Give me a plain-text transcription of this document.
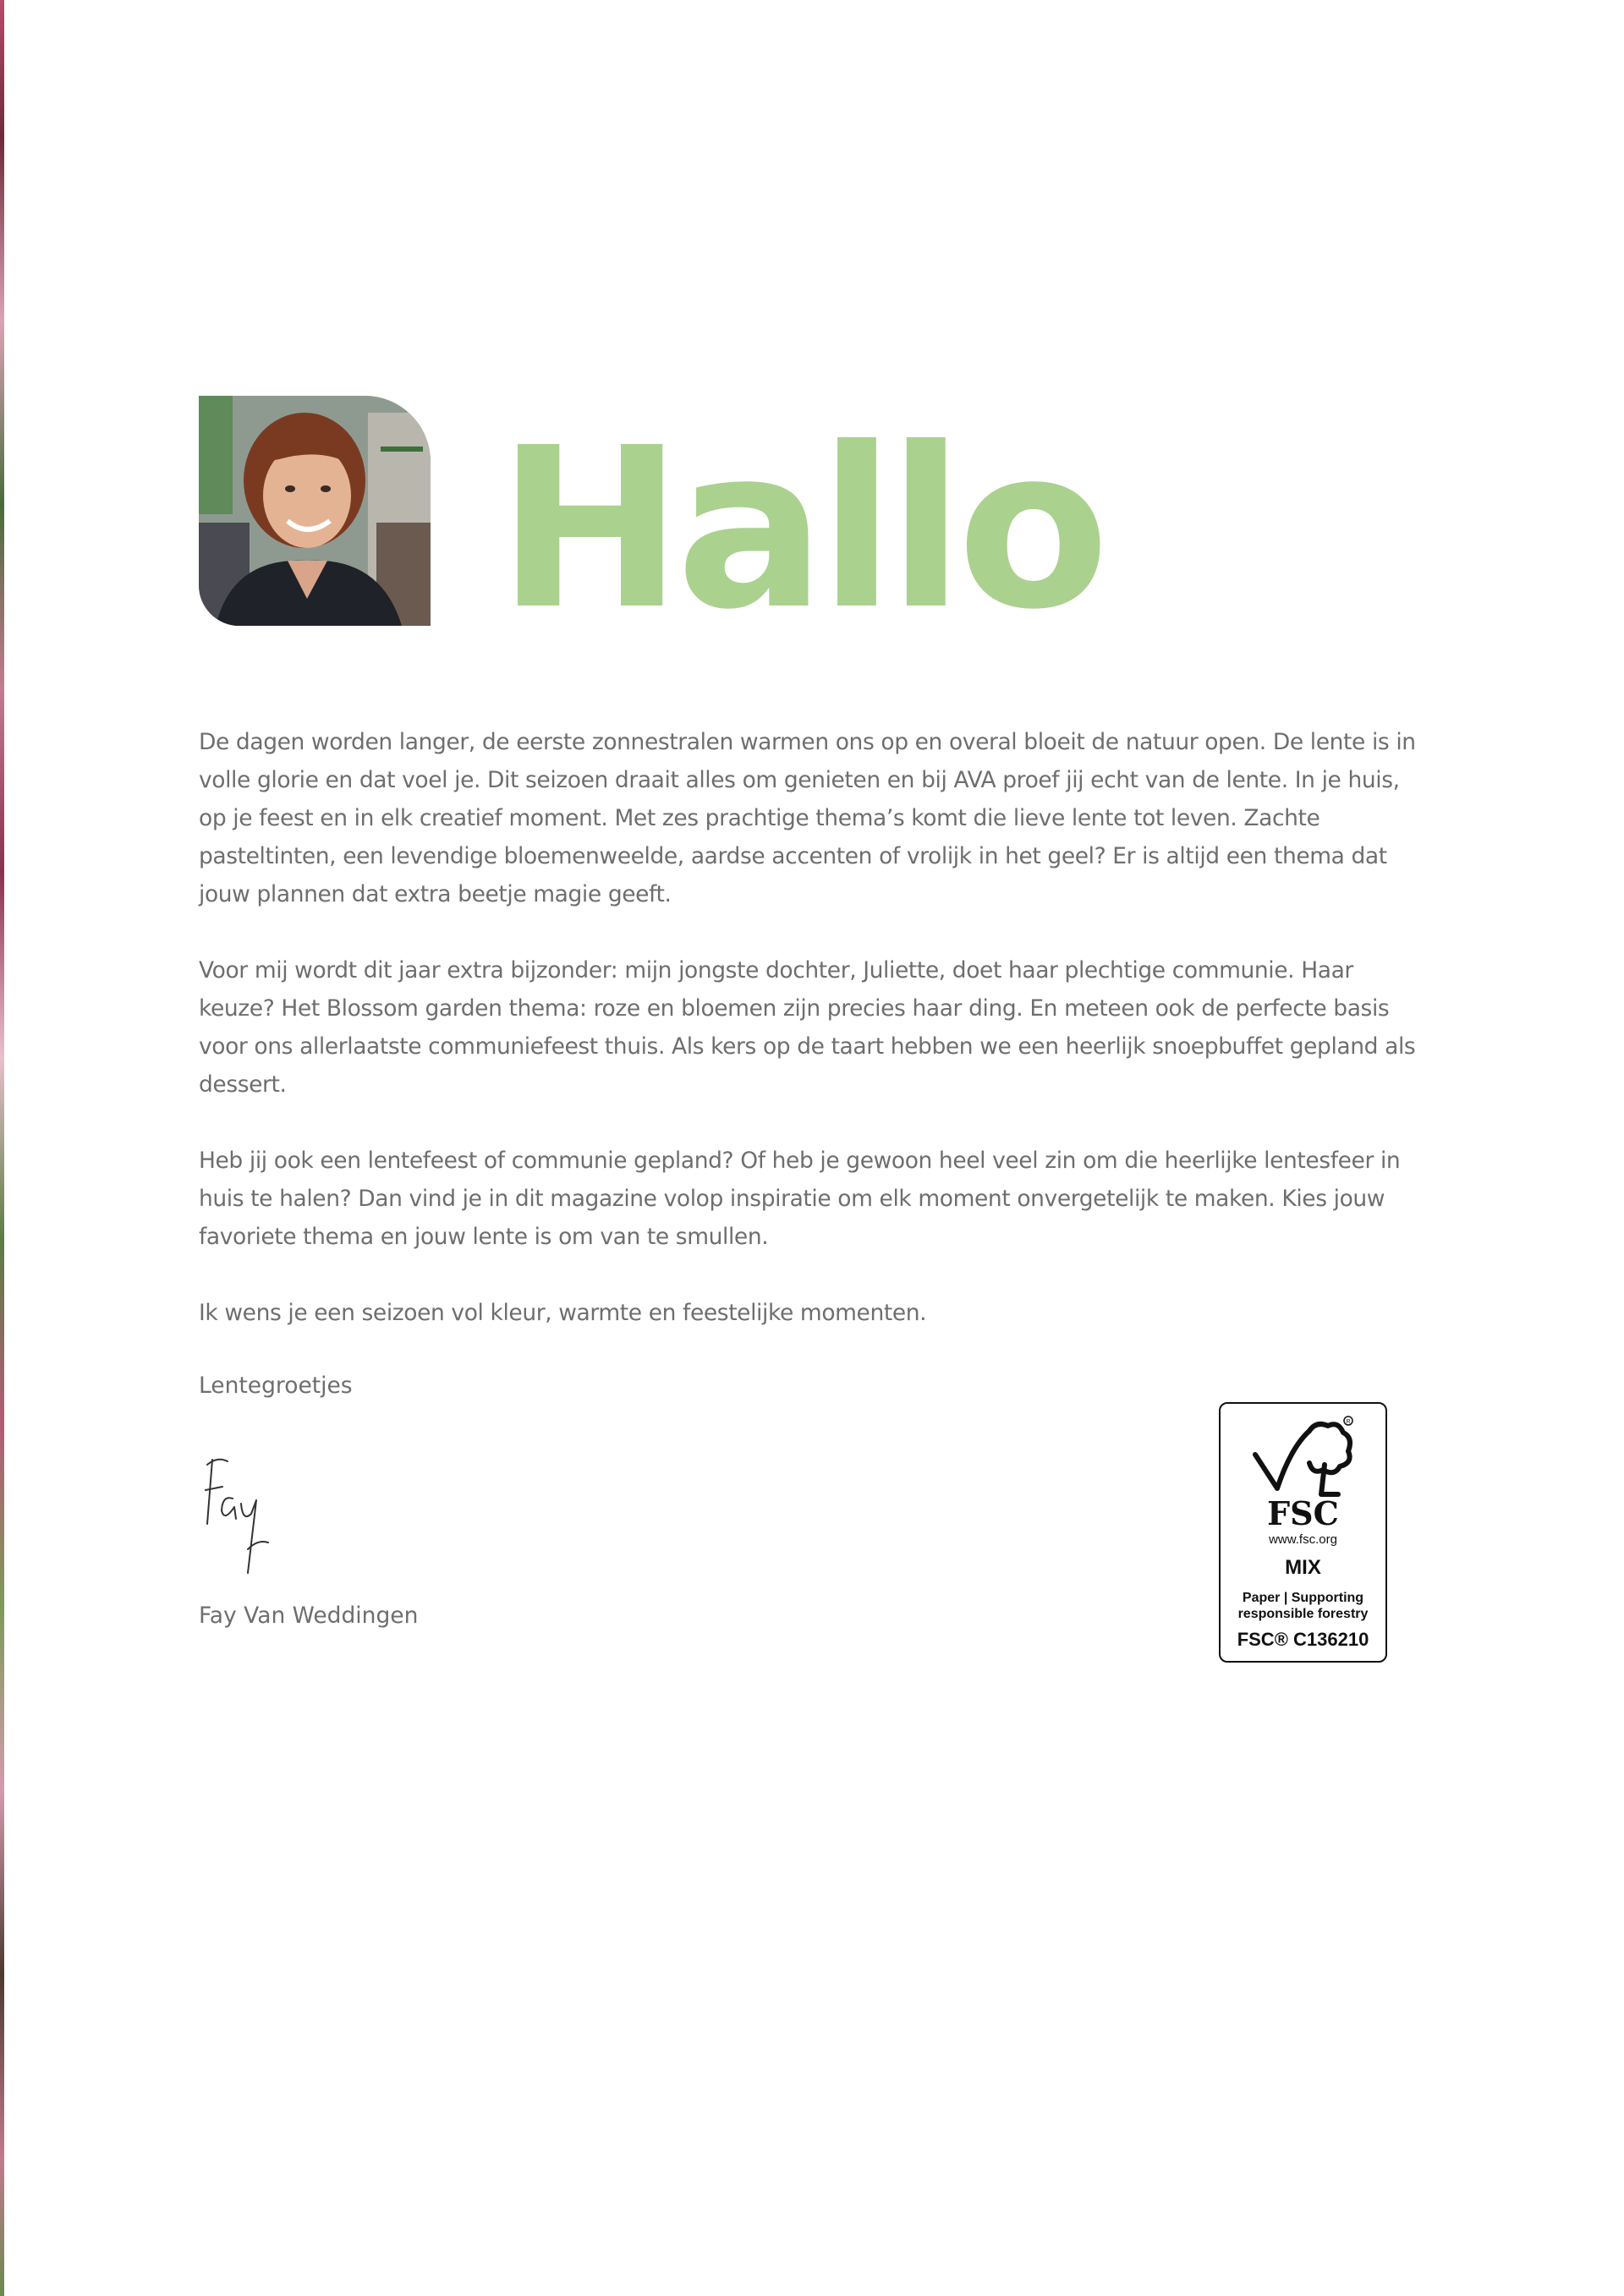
Hallo

De dagen worden langer, de eerste zonnestralen warmen ons op en overal bloeit de natuur open. De lente is in volle glorie en dat voel je. Dit seizoen draait alles om genieten en bij AVA proef jij echt van de lente. In je huis, op je feest en in elk creatief moment. Met zes prachtige thema’s komt die lieve lente tot leven. Zachte pasteltinten, een levendige bloemenweelde, aardse accenten of vrolijk in het geel? Er is altijd een thema dat jouw plannen dat extra beetje magie geeft.

Voor mij wordt dit jaar extra bijzonder: mijn jongste dochter, Juliette, doet haar plechtige communie. Haar keuze? Het Blossom garden thema: roze en bloemen zijn precies haar ding. En meteen ook de perfecte basis voor ons allerlaatste communiefeest thuis. Als kers op de taart hebben we een heerlijk snoepbuffet gepland als dessert.

Heb jij ook een lentefeest of communie gepland? Of heb je gewoon heel veel zin om die heerlijke lentesfeer in huis te halen? Dan vind je in dit magazine volop inspiratie om elk moment onvergetelijk te maken. Kies jouw favoriete thema en jouw lente is om van te smullen.

Ik wens je een seizoen vol kleur, warmte en feestelijke momenten.

Lentegroetjes
Fay Van Weddingen
R
FSC
www.fsc.org
MIX
Paper | Supporting
responsible forestry
FSC® C136210
